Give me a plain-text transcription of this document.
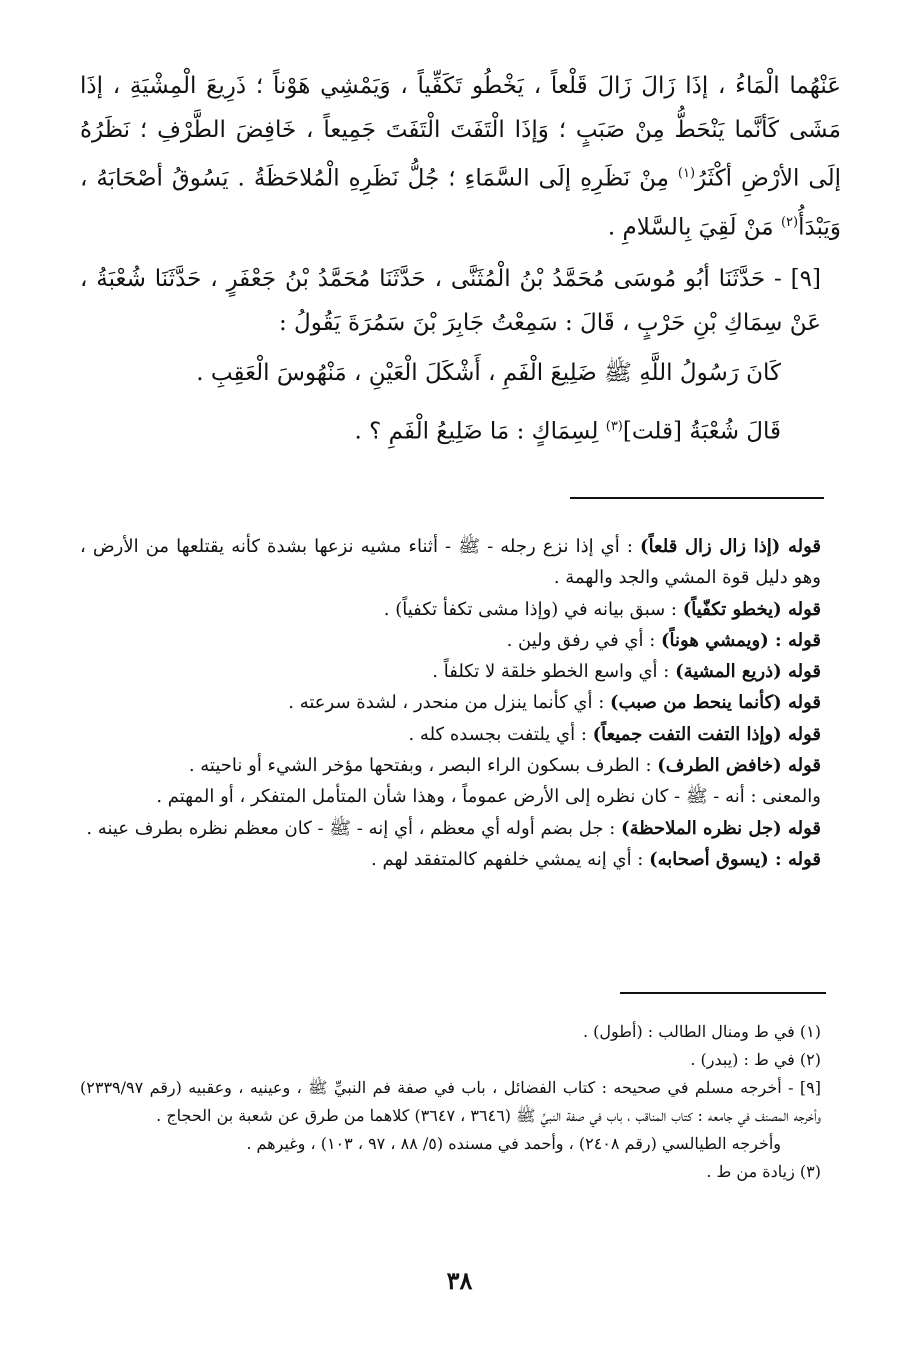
عَنْهُما الْمَاءُ ، إذَا زَالَ زَالَ قَلْعاً ، يَخْطُو تَكَفِّياً ، وَيَمْشِي هَوْناً ؛ ذَرِيعَ الْمِشْيَةِ ، إذَا مَشَى كَأنَّما يَنْحَطُّ مِنْ صَبَبٍ ؛ وَإذَا الْتَفَتَ الْتَفَتَ جَمِيعاً ، خَافِضَ الطَّرْفِ ؛ نَظَرُهُ إلَى الأرْضِ أكْثَرُ$^{(١)}$ مِنْ نَظَرِهِ إلَى السَّمَاءِ ؛ جُلُّ نَظَرِهِ الْمُلاحَظَةُ . يَسُوقُ أصْحَابَهُ ، وَيَبْدَأُ$^{(٢)}$ مَنْ لَقِيَ بِالسَّلامِ .

[٩] - حَدَّثَنَا أبُو مُوسَى مُحَمَّدُ بْنُ الْمُثَنَّى ، حَدَّثَنَا مُحَمَّدُ بْنُ جَعْفَرٍ ، حَدَّثَنَا شُعْبَةُ ، عَنْ سِمَاكِ بْنِ حَرْبٍ ، قَالَ : سَمِعْتُ جَابِرَ بْنَ سَمُرَةَ يَقُولُ :

كَانَ رَسُولُ اللَّهِ ﷺ ضَلِيعَ الْفَمِ ، أَشْكَلَ الْعَيْنِ ، مَنْهُوسَ الْعَقِبِ .

قَالَ شُعْبَةُ [قلت]$^{(٣)}$ لِسِمَاكٍ : مَا ضَلِيعُ الْفَمِ ؟ .

قوله (إذا زال زال قلعاً) : أي إذا نزع رجله - ﷺ - أثناء مشيه نزعها بشدة كأنه يقتلعها من الأرض ، وهو دليل قوة المشي والجد والهمة .

قوله (يخطو تكفّياً) : سبق بيانه في (وإذا مشى تكفأ تكفياً) .

قوله : (ويمشي هوناً) : أي في رفق ولين .

قوله (ذريع المشية) : أي واسع الخطو خلقة لا تكلفاً .

قوله (كأنما ينحط من صبب) : أي كأنما ينزل من منحدر ، لشدة سرعته .

قوله (وإذا التفت التفت جميعاً) : أي يلتفت بجسده كله .

قوله (خافض الطرف) : الطرف بسكون الراء البصر ، وبفتحها مؤخر الشيء أو ناحيته .

والمعنى : أنه - ﷺ - كان نظره إلى الأرض عموماً ، وهذا شأن المتأمل المتفكر ، أو المهتم .

قوله (جل نظره الملاحظة) : جل بضم أوله أي معظم ، أي إنه - ﷺ - كان معظم نظره بطرف عينه .

قوله : (يسوق أصحابه) : أي إنه يمشي خلفهم كالمتفقد لهم .

(١) في ط ومنال الطالب : (أطول) .

(٢) في ط : (يبدر) .

[٩] - أخرجه مسلم في صحيحه : كتاب الفضائل ، باب في صفة فم النبيِّ ﷺ ، وعينيه ، وعقبيه (رقم ٢٣٣٩/٩٧) وأخرجه المصنف في جامعه : كتاب المناقب ، باب في صفة النبيِّ ﷺ (٣٦٤٦ ، ٣٦٤٧) كلاهما من طرق عن شعبة بن الحجاج .

وأخرجه الطيالسي (رقم ٢٤٠٨) ، وأحمد في مسنده (٥/ ٨٨ ، ٩٧ ، ١٠٣) ، وغيرهم .

(٣) زيادة من ط .

٣٨
